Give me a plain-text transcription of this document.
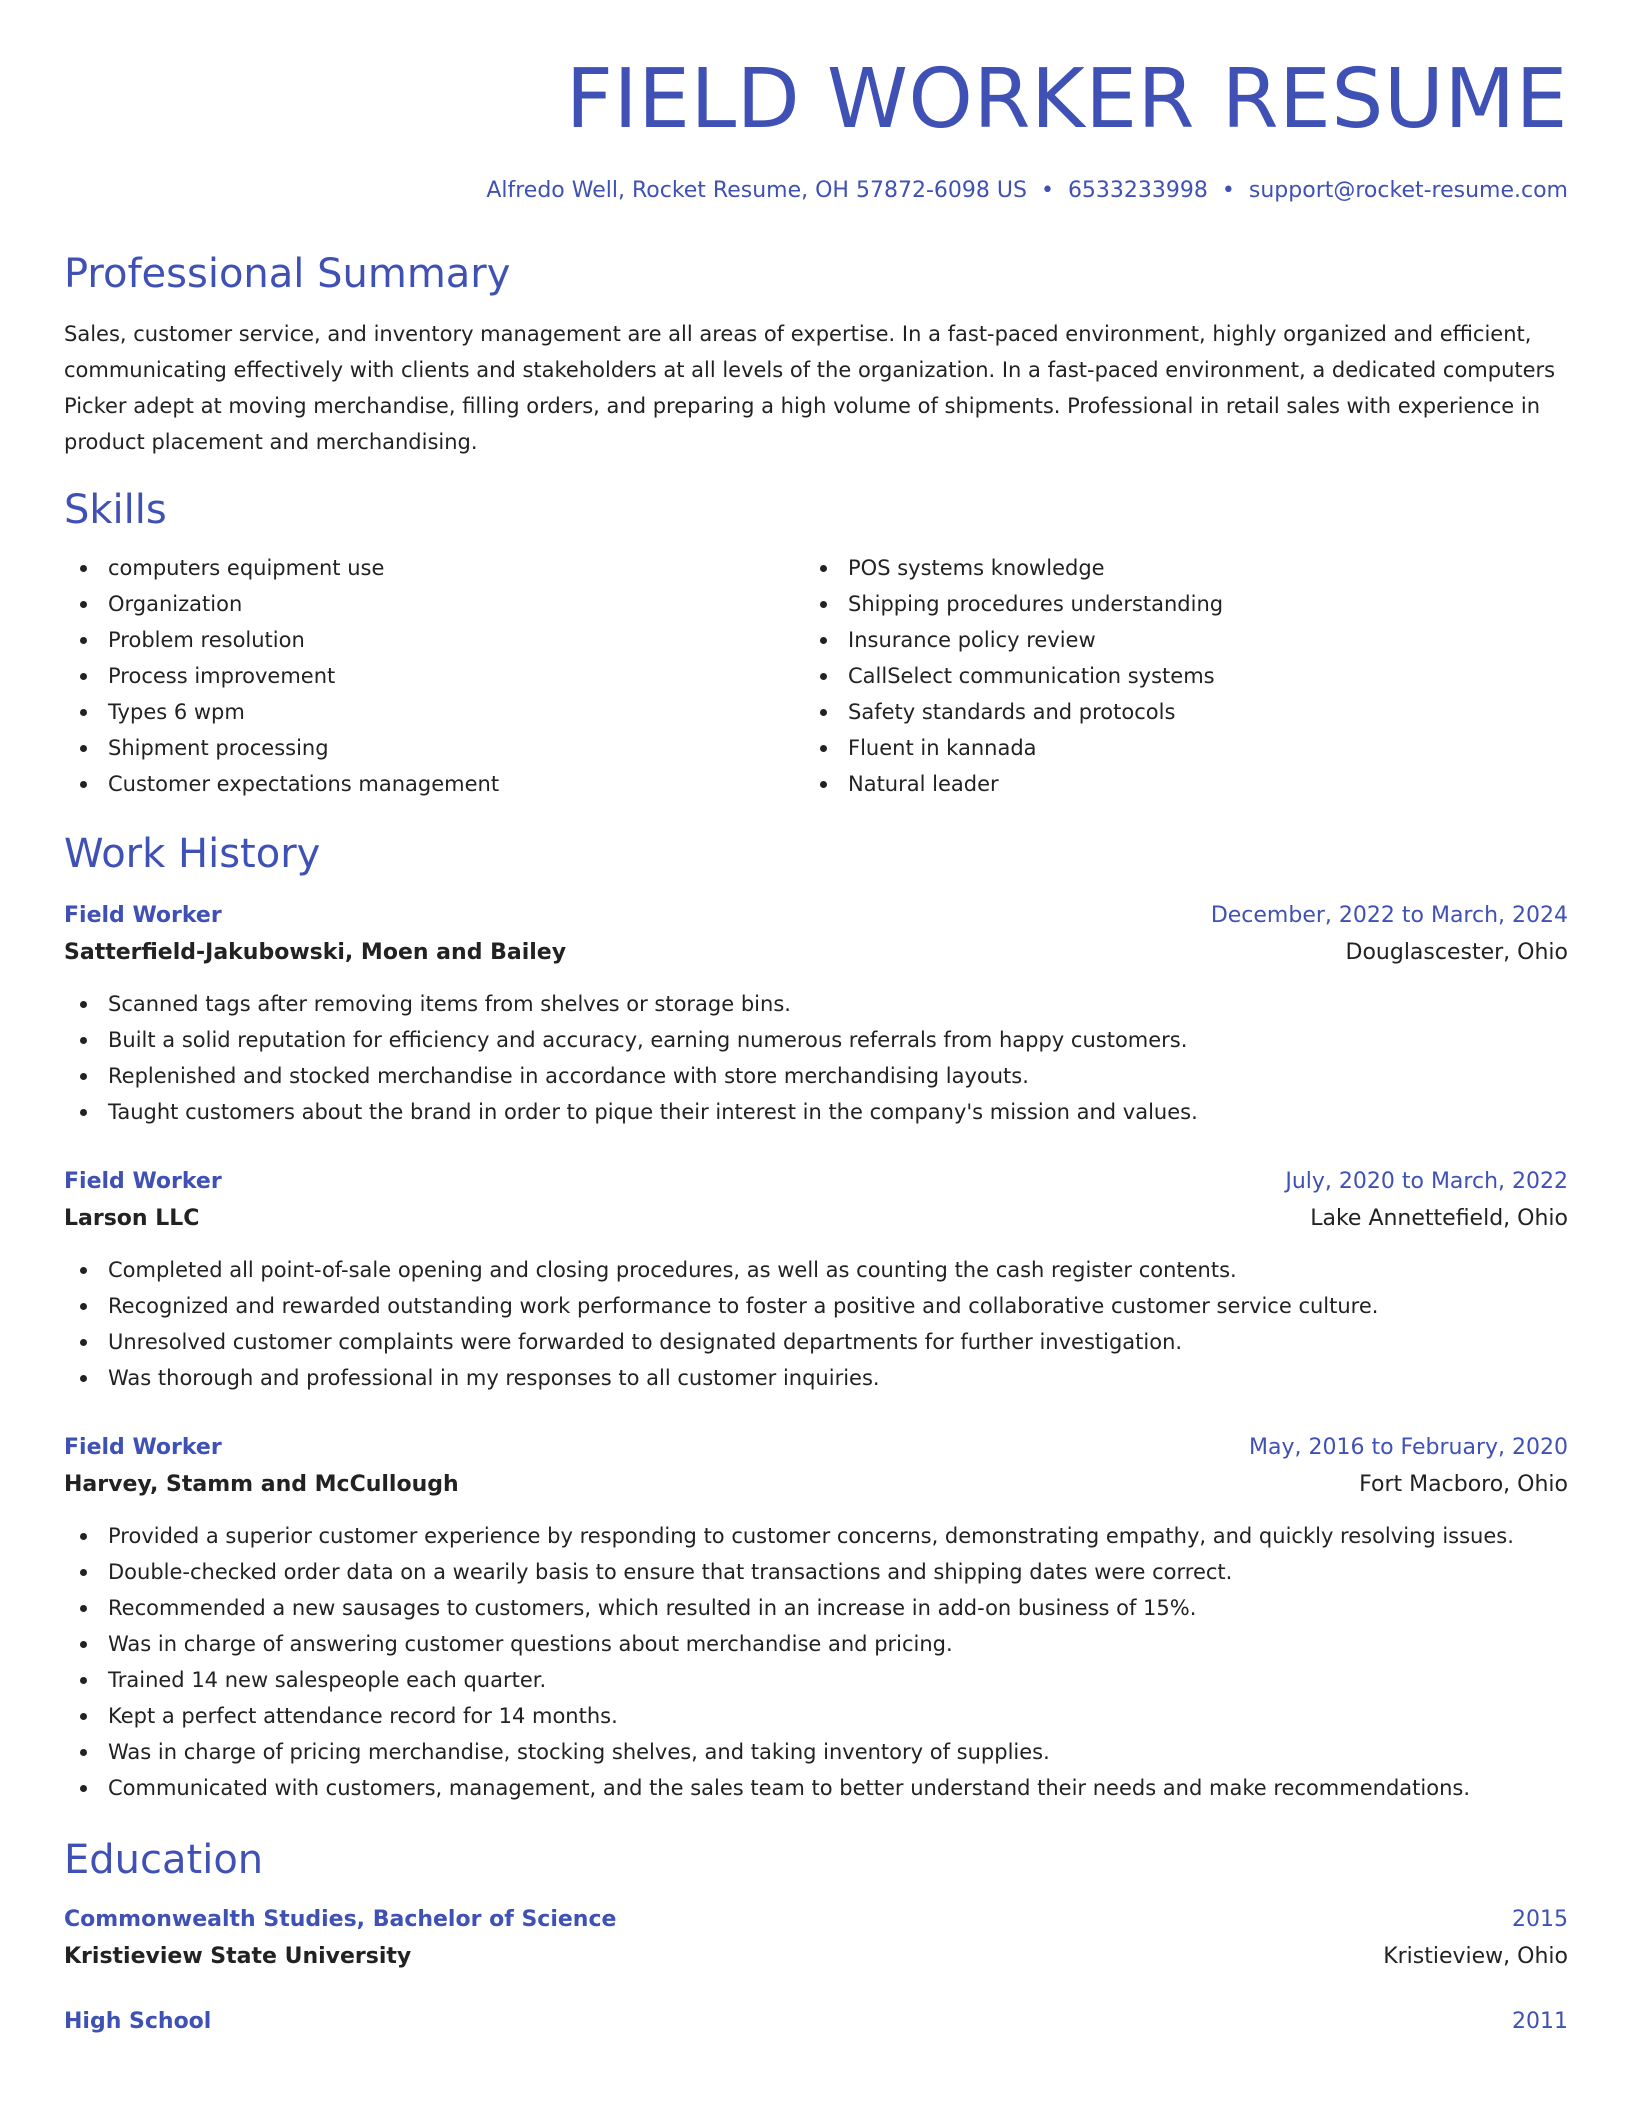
FIELD WORKER RESUME
Alfredo Well, Rocket Resume, OH 57872-6098 US • 6533233998 • support@rocket-resume.com
Professional Summary
Sales, customer service, and inventory management are all areas of expertise. In a fast-paced environment, highly organized and efficient, communicating effectively with clients and stakeholders at all levels of the organization. In a fast-paced environment, a dedicated computers Picker adept at moving merchandise, filling orders, and preparing a high volume of shipments. Professional in retail sales with experience in product placement and merchandising.
Skills
computers equipment use
Organization
Problem resolution
Process improvement
Types 6 wpm
Shipment processing
Customer expectations management
POS systems knowledge
Shipping procedures understanding
Insurance policy review
CallSelect communication systems
Safety standards and protocols
Fluent in kannada
Natural leader
Work History
Field Worker	December, 2022 to March, 2024
Satterfield-Jakubowski, Moen and Bailey	Douglascester, Ohio
Scanned tags after removing items from shelves or storage bins.
Built a solid reputation for efficiency and accuracy, earning numerous referrals from happy customers.
Replenished and stocked merchandise in accordance with store merchandising layouts.
Taught customers about the brand in order to pique their interest in the company's mission and values.
Field Worker	July, 2020 to March, 2022
Larson LLC	Lake Annettefield, Ohio
Completed all point-of-sale opening and closing procedures, as well as counting the cash register contents.
Recognized and rewarded outstanding work performance to foster a positive and collaborative customer service culture.
Unresolved customer complaints were forwarded to designated departments for further investigation.
Was thorough and professional in my responses to all customer inquiries.
Field Worker	May, 2016 to February, 2020
Harvey, Stamm and McCullough	Fort Macboro, Ohio
Provided a superior customer experience by responding to customer concerns, demonstrating empathy, and quickly resolving issues.
Double-checked order data on a wearily basis to ensure that transactions and shipping dates were correct.
Recommended a new sausages to customers, which resulted in an increase in add-on business of 15%.
Was in charge of answering customer questions about merchandise and pricing.
Trained 14 new salespeople each quarter.
Kept a perfect attendance record for 14 months.
Was in charge of pricing merchandise, stocking shelves, and taking inventory of supplies.
Communicated with customers, management, and the sales team to better understand their needs and make recommendations.
Education
Commonwealth Studies, Bachelor of Science	2015
Kristieview State University	Kristieview, Ohio
High School	2011
